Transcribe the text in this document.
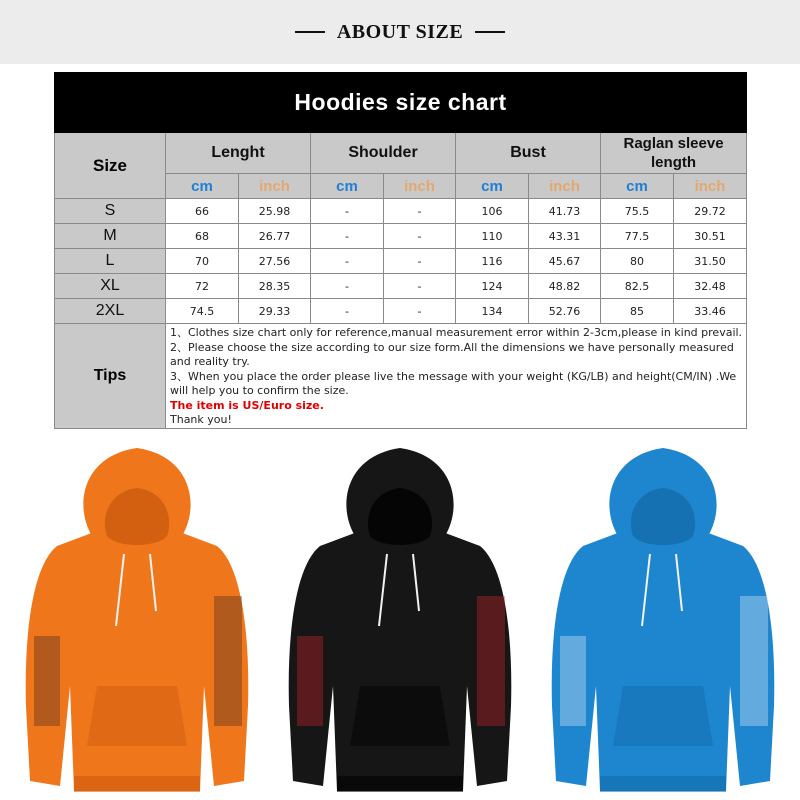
ABOUT SIZE
Hoodies size chart								
Size	Lenght		Shoulder		Bust		Raglan sleeve length	
	cm	inch	cm	inch	cm	inch	cm	inch
S	66	25.98	-	-	106	41.73	75.5	29.72
M	68	26.77	-	-	110	43.31	77.5	30.51
L	70	27.56	-	-	116	45.67	80	31.50
XL	72	28.35	-	-	124	48.82	82.5	32.48
2XL	74.5	29.33	-	-	134	52.76	85	33.46
Tips	1、Clothes size chart only for reference,manual measurement error within 2-3cm,please in kind prevail.
2、Please choose the size according to our size form.All the dimensions we have personally measured and reality try.
3、When you place the order please live the message with your weight (KG/LB) and height(CM/IN) .We will help you to confirm the size.
The item is US/Euro size.
Thank you!							
